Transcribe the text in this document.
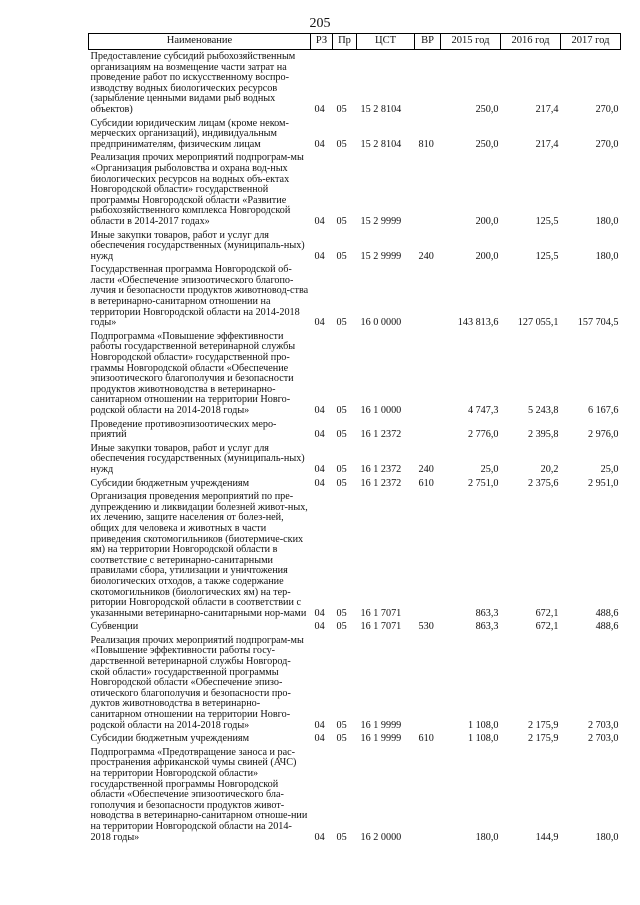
205
Наименование	РЗ	Пр	ЦСТ	ВР	2015 год	2016 год	2017 год
Предоставление субсидий рыбохозяйственным организациям на возмещение части затрат на проведение работ по искусственному воспро-изводству водных биологических ресурсов (зарыбление ценными видами рыб водных объектов)	04	05	15 2 8104		250,0	217,4	270,0
Субсидии юридическим лицам (кроме неком-мерческих организаций), индивидуальным предпринимателям, физическим лицам	04	05	15 2 8104	810	250,0	217,4	270,0
Реализация прочих мероприятий подпрограм-мы «Организация рыболовства и охрана вод-ных биологических ресурсов на водных объ-ектах Новгородской области» государственной программы Новгородской области «Развитие рыбохозяйственного комплекса Новгородской области в 2014-2017 годах»	04	05	15 2 9999		200,0	125,5	180,0
Иные закупки товаров, работ и услуг для обеспечения государственных (муниципаль-ных) нужд	04	05	15 2 9999	240	200,0	125,5	180,0
Государственная программа Новгородской об-ласти «Обеспечение эпизоотического благопо-лучия и безопасности продуктов животновод-ства в ветеринарно-санитарном отношении на территории Новгородской области на 2014-2018 годы»	04	05	16 0 0000		143 813,6	127 055,1	157 704,5
Подпрограмма «Повышение эффективности работы государственной ветеринарной службы Новгородской области» государственной про-граммы Новгородской области «Обеспечение эпизоотического благополучия и безопасности продуктов животноводства в ветеринарно-санитарном отношении на территории Новго-родской области на 2014-2018 годы»	04	05	16 1 0000		4 747,3	5 243,8	6 167,6
Проведение противоэпизоотических меро-приятий	04	05	16 1 2372		2 776,0	2 395,8	2 976,0
Иные закупки товаров, работ и услуг для обеспечения государственных (муниципаль-ных) нужд	04	05	16 1 2372	240	25,0	20,2	25,0
Субсидии бюджетным учреждениям	04	05	16 1 2372	610	2 751,0	2 375,6	2 951,0
Организация проведения мероприятий по пре-дупреждению и ликвидации болезней живот-ных, их лечению, защите населения от болез-ней, общих для человека и животных в части приведения скотомогильников (биотермиче-ских ям) на территории Новгородской области в соответствие с ветеринарно-санитарными правилами сбора, утилизации и уничтожения биологических отходов, а также содержание скотомогильников (биологических ям) на тер-ритории Новгородской области в соответствии с указанными ветеринарно-санитарными нор-мами	04	05	16 1 7071		863,3	672,1	488,6
Субвенции	04	05	16 1 7071	530	863,3	672,1	488,6
Реализация прочих мероприятий подпрограм-мы «Повышение эффективности работы госу-дарственной ветеринарной службы Новгород-ской области» государственной программы Новгородской области «Обеспечение эпизо-отического благополучия и безопасности про-дуктов животноводства в ветеринарно-санитарном отношении на территории Новго-родской области на 2014-2018 годы»	04	05	16 1 9999		1 108,0	2 175,9	2 703,0
Субсидии бюджетным учреждениям	04	05	16 1 9999	610	1 108,0	2 175,9	2 703,0
Подпрограмма «Предотвращение заноса и рас-пространения африканской чумы свиней (АЧС) на территории Новгородской области» государственной программы Новгородской области «Обеспечение эпизоотического бла-гополучия и безопасности продуктов живот-новодства в ветеринарно-санитарном отноше-нии на территории Новгородской области на 2014-2018 годы»	04	05	16 2 0000		180,0	144,9	180,0
